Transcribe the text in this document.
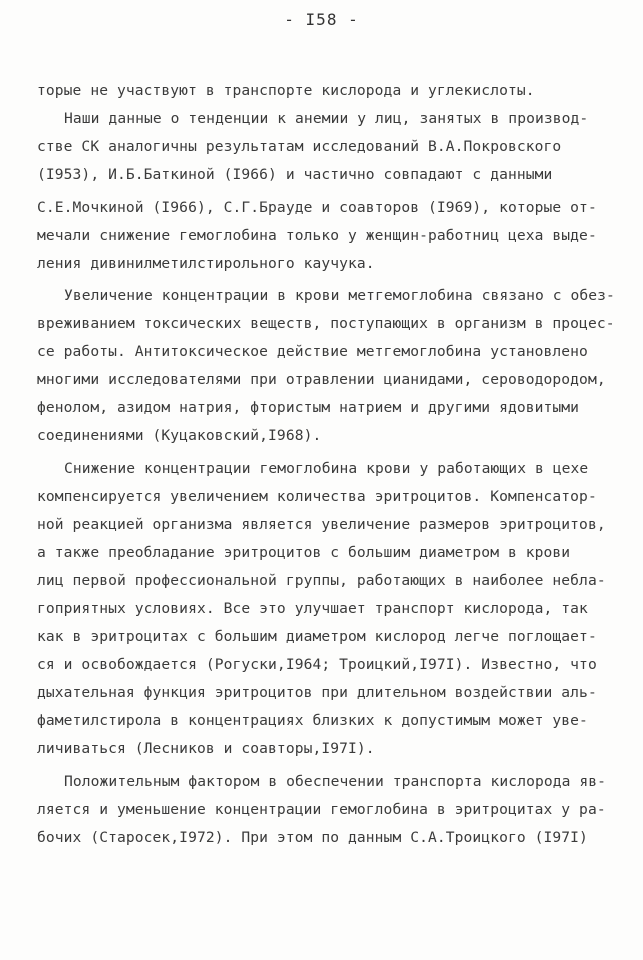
- I58 -
торые не участвуют в транспорте кислорода и углекислоты.
Наши данные о тенденции к анемии у лиц, занятых в производ-
стве СК аналогичны результатам исследований В.А.Покровского
(I953), И.Б.Баткиной (I966) и частично совпадают с данными
С.Е.Мочкиной (I966), С.Г.Брауде и соавторов (I969), которые от-
мечали снижение гемоглобина только у женщин-работниц цеха выде-
ления дивинилметилстирольного каучука.
Увеличение концентрации в крови метгемоглобина связано с обез-
вреживанием токсических веществ, поступающих в организм в процес-
се работы. Антитоксическое действие метгемоглобина установлено
многими исследователями при отравлении цианидами, сероводородом,
фенолом, азидом натрия, фтористым натрием и другими ядовитыми
соединениями (Куцаковский,I968).
Снижение концентрации гемоглобина крови у работающих в цехе
компенсируется увеличением количества эритроцитов. Компенсатор-
ной реакцией организма является увеличение размеров эритроцитов,
а также преобладание эритроцитов с большим диаметром в крови
лиц первой профессиональной группы, работающих в наиболее небла-
гоприятных условиях. Все это улучшает транспорт кислорода, так
как в эритроцитах с большим диаметром кислород легче поглощает-
ся и освобождается (Рогуски,I964; Троицкий,I97I). Известно, что
дыхательная функция эритроцитов при длительном воздействии аль-
фаметилстирола в концентрациях близких к допустимым может уве-
личиваться (Лесников и соавторы,I97I).
Положительным фактором в обеспечении транспорта кислорода яв-
ляется и уменьшение концентрации гемоглобина в эритроцитах у ра-
бочих (Старосек,I972). При этом по данным С.А.Троицкого (I97I)
